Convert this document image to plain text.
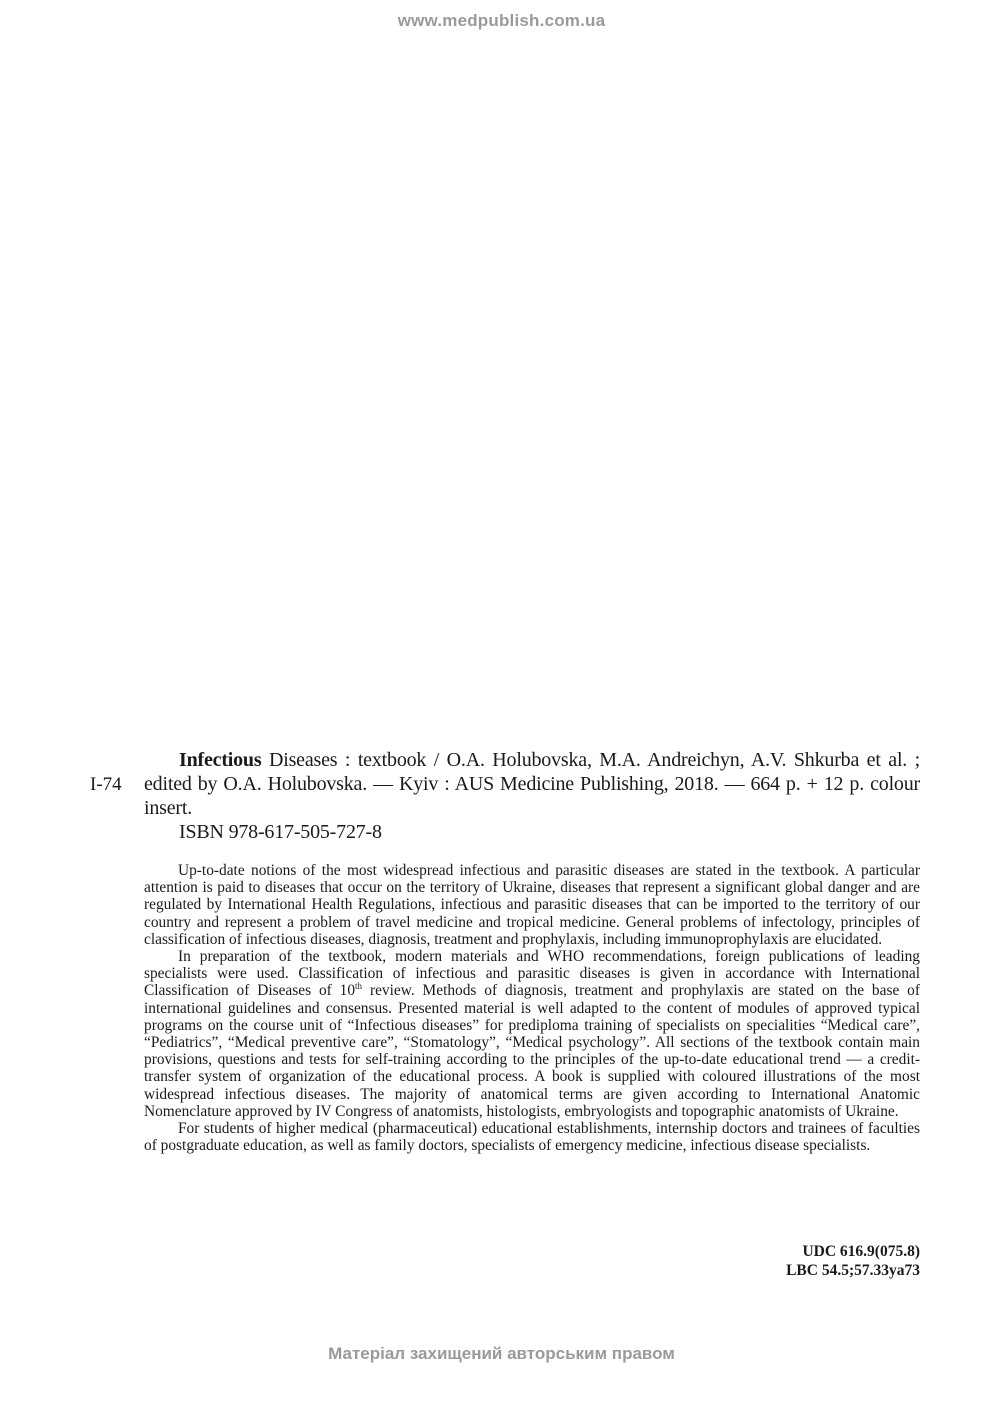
www.medpublish.com.ua
І-74

Infectious Diseases : textbook / O.A. Holubovska, M.A. Andreichyn, A.V. Shkurba et al. ; edited by O.A. Holubovska. — Kyiv : AUS Medicine Publishing, 2018. — 664 p. + 12 p. colour insert.

ISBN 978-617-505-727-8

Up-to-date notions of the most widespread infectious and parasitic diseases are stated in the textbook. A particular attention is paid to diseases that occur on the territory of Ukraine, diseases that represent a significant global danger and are regulated by International Health Regulations, infectious and parasitic diseases that can be imported to the territory of our country and represent a problem of travel medicine and tropical medicine. General problems of infectology, principles of classification of infectious diseases, diagnosis, treatment and prophylaxis, including immunoprophylaxis are elucidated.

In preparation of the textbook, modern materials and WHO recommendations, foreign publications of leading specialists were used. Classification of infectious and parasitic diseases is given in accordance with International Classification of Diseases of 10th review. Methods of diagnosis, treatment and prophylaxis are stated on the base of international guidelines and consensus. Presented material is well adapted to the content of modules of approved typical programs on the course unit of “Infectious diseases” for prediploma training of specialists on specialities “Medical care”, “Pediatrics”, “Medical preventive care”, “Stomatology”, “Medical psychology”. All sections of the textbook contain main provisions, questions and tests for self-training according to the principles of the up-to-date educational trend — a credit-transfer system of organization of the educational process. A book is supplied with coloured illustrations of the most widespread infectious diseases. The majority of anatomical terms are given according to International Anatomic Nomenclature approved by IV Congress of anatomists, histologists, embryologists and topographic anatomists of Ukraine.

For students of higher medical (pharmaceutical) educational establishments, internship doctors and trainees of faculties of postgraduate education, as well as family doctors, specialists of emergency medicine, infectious disease specialists.

UDC 616.9(075.8)
LBC 54.5;57.33ya73
Матеріал захищений авторським правом
